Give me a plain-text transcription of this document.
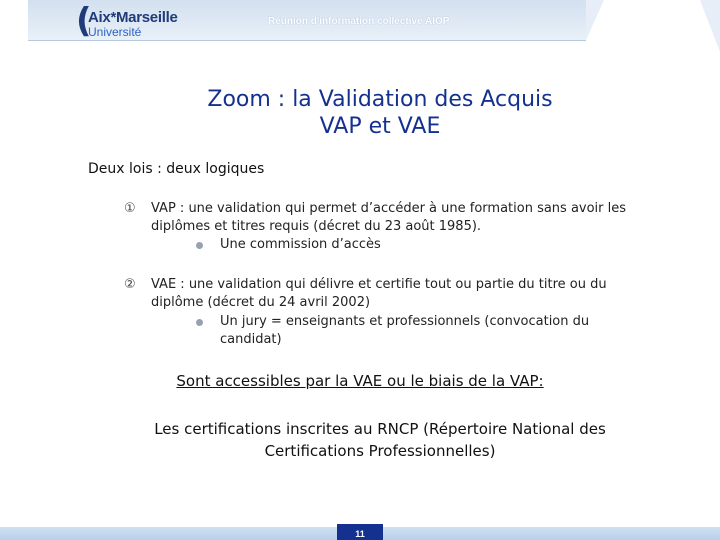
(
Aix*Marseille
Université
Réunion d'information collective AIOP
Zoom : la Validation des Acquis
VAP et VAE
Deux lois : deux logiques
①	VAP : une validation qui permet d’accéder à une formation sans avoir les diplômes et titres requis (décret du 23 août 1985).
Une commission d’accès
②	VAE : une validation qui délivre et certifie tout ou partie du titre ou du diplôme (décret du 24 avril 2002)
Un jury = enseignants et professionnels (convocation du candidat)
Sont accessibles par la VAE ou le biais de la VAP:
Les certifications inscrites au RNCP (Répertoire National des
Certifications Professionnelles)
11
